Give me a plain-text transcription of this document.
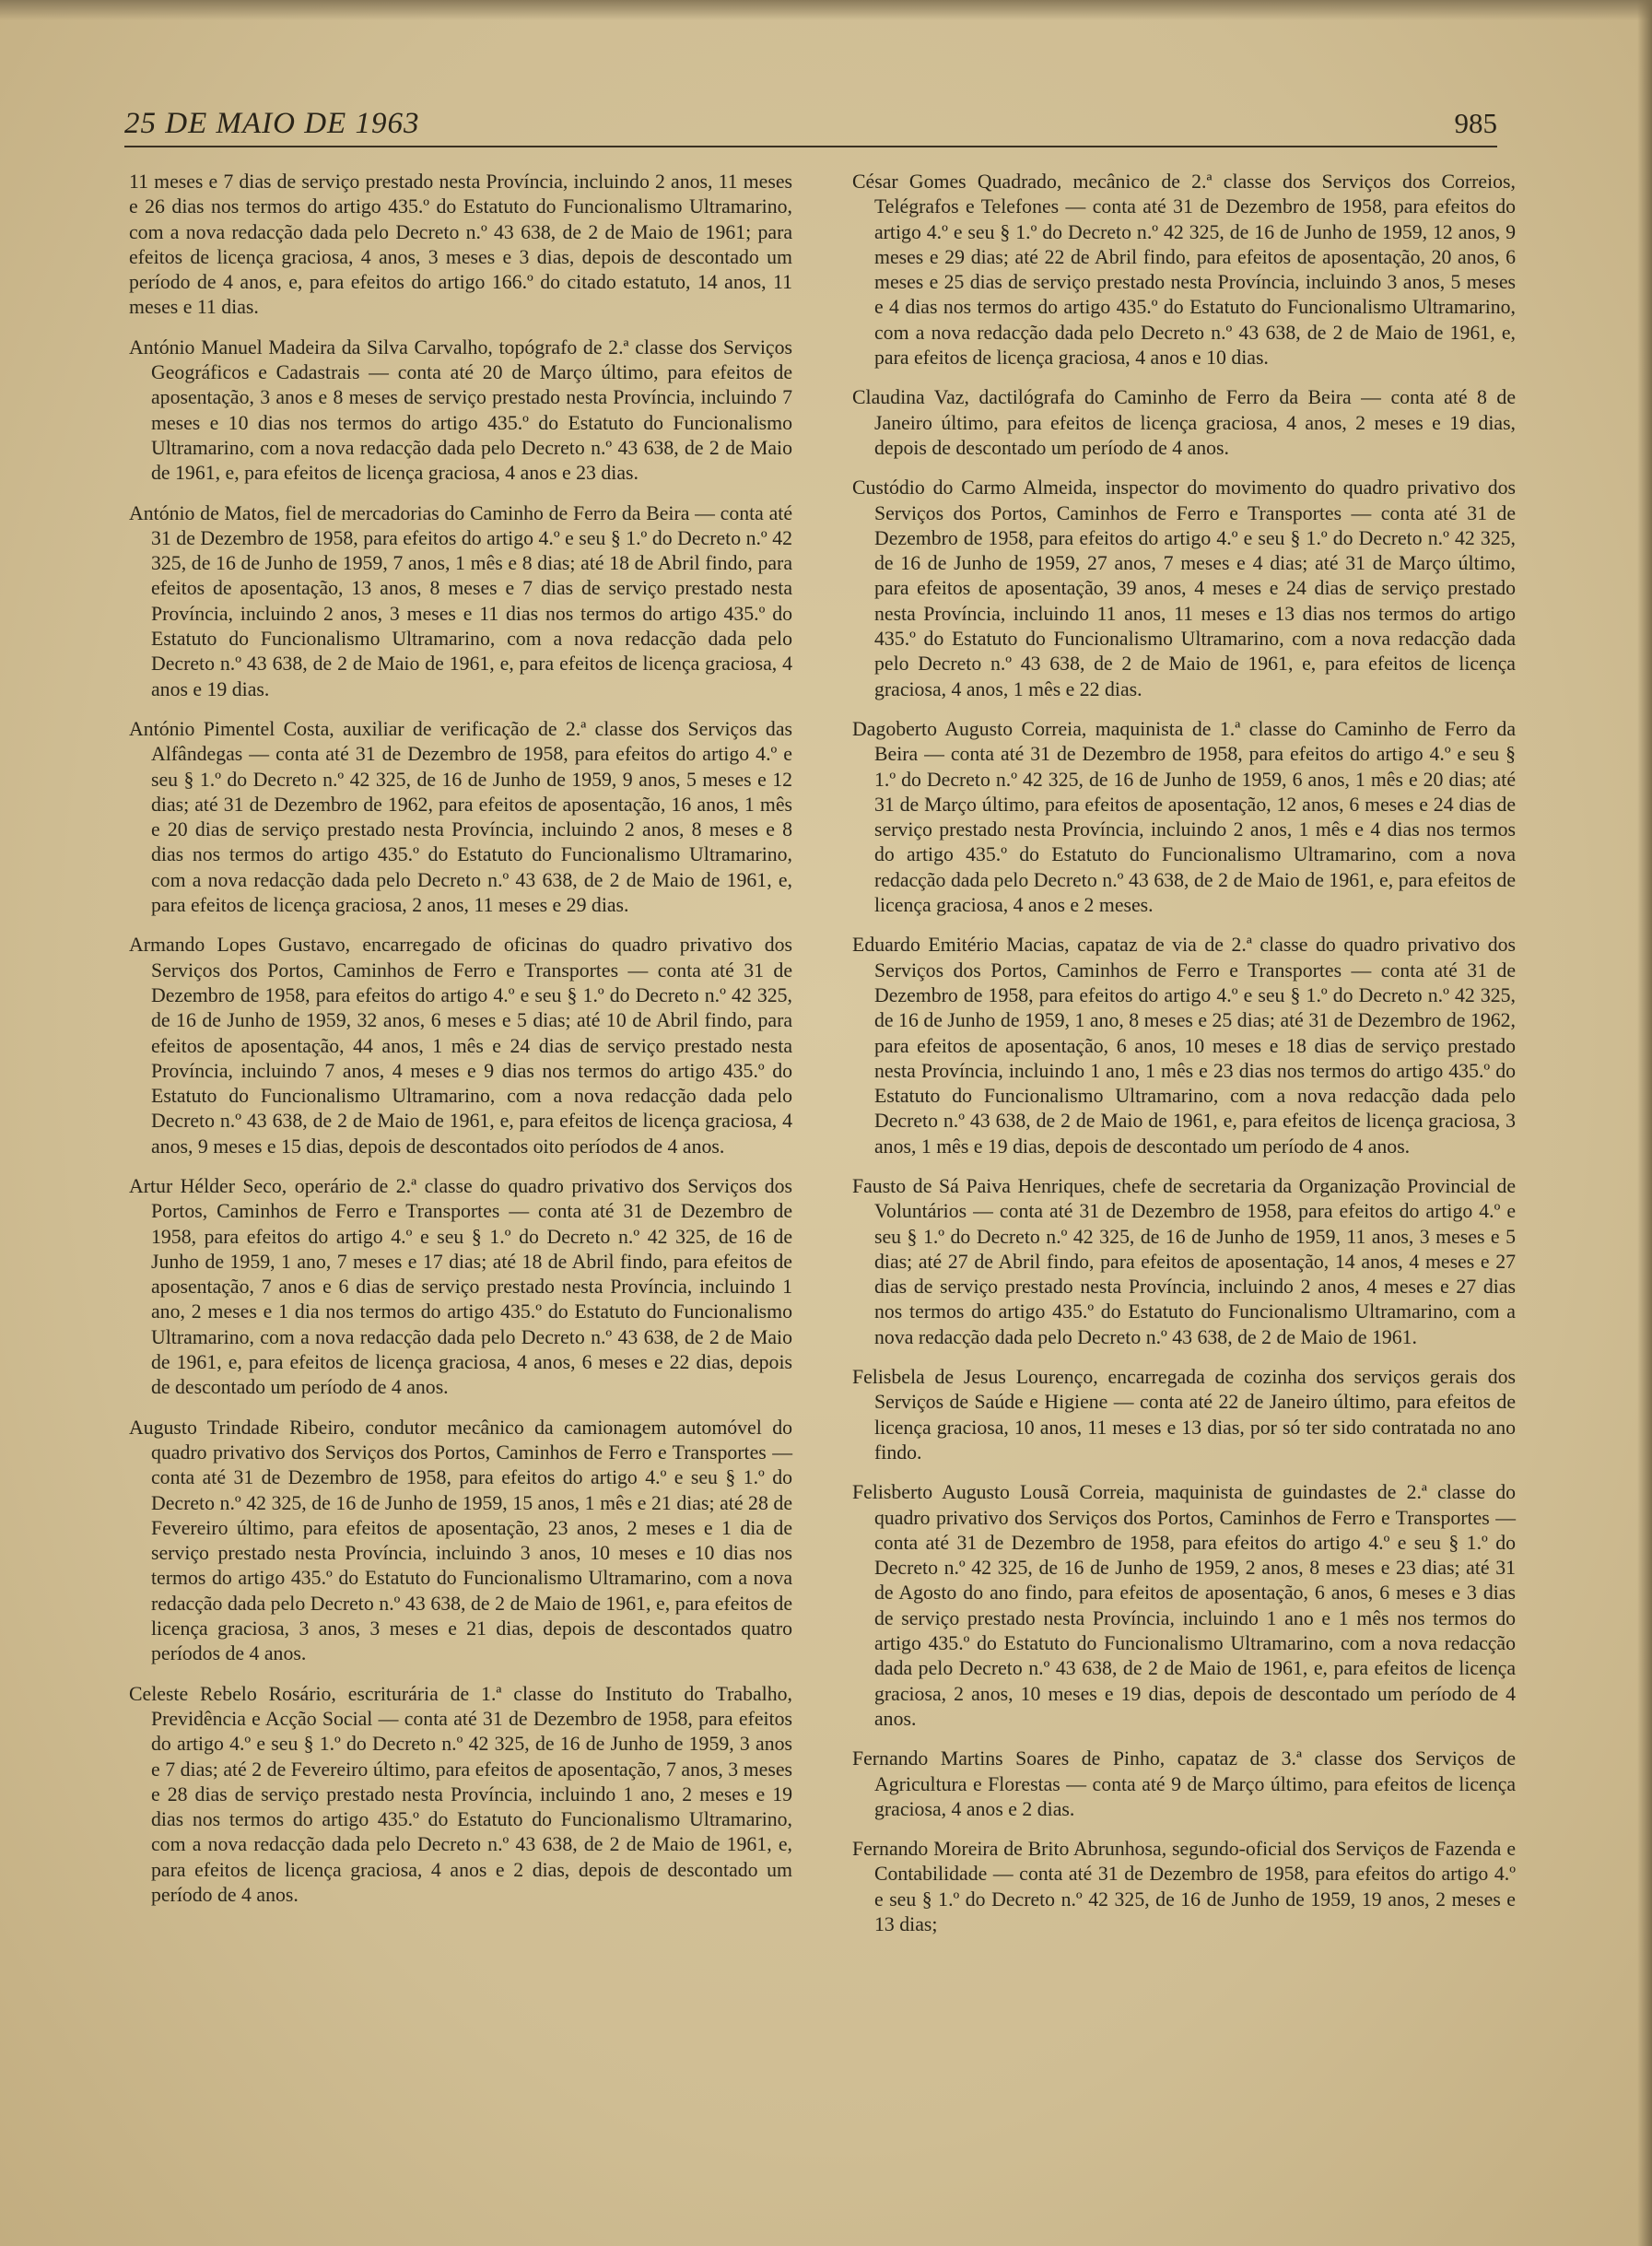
25 DE MAIO DE 1963	985

11 meses e 7 dias de serviço prestado nesta Província, incluindo 2 anos, 11 meses e 26 dias nos termos do artigo 435.º do Estatuto do Funcionalismo Ultramarino, com a nova redacção dada pelo Decreto n.º 43 638, de 2 de Maio de 1961; para efeitos de licença graciosa, 4 anos, 3 meses e 3 dias, depois de descontado um período de 4 anos, e, para efeitos do artigo 166.º do citado estatuto, 14 anos, 11 meses e 11 dias.

António Manuel Madeira da Silva Carvalho, topógrafo de 2.ª classe dos Serviços Geográficos e Cadastrais — conta até 20 de Março último, para efeitos de aposentação, 3 anos e 8 meses de serviço prestado nesta Província, incluindo 7 meses e 10 dias nos termos do artigo 435.º do Estatuto do Funcionalismo Ultramarino, com a nova redacção dada pelo Decreto n.º 43 638, de 2 de Maio de 1961, e, para efeitos de licença graciosa, 4 anos e 23 dias.

António de Matos, fiel de mercadorias do Caminho de Ferro da Beira — conta até 31 de Dezembro de 1958, para efeitos do artigo 4.º e seu § 1.º do Decreto n.º 42 325, de 16 de Junho de 1959, 7 anos, 1 mês e 8 dias; até 18 de Abril findo, para efeitos de aposentação, 13 anos, 8 meses e 7 dias de serviço prestado nesta Província, incluindo 2 anos, 3 meses e 11 dias nos termos do artigo 435.º do Estatuto do Funcionalismo Ultramarino, com a nova redacção dada pelo Decreto n.º 43 638, de 2 de Maio de 1961, e, para efeitos de licença graciosa, 4 anos e 19 dias.

António Pimentel Costa, auxiliar de verificação de 2.ª classe dos Serviços das Alfândegas — conta até 31 de Dezembro de 1958, para efeitos do artigo 4.º e seu § 1.º do Decreto n.º 42 325, de 16 de Junho de 1959, 9 anos, 5 meses e 12 dias; até 31 de Dezembro de 1962, para efeitos de aposentação, 16 anos, 1 mês e 20 dias de serviço prestado nesta Província, incluindo 2 anos, 8 meses e 8 dias nos termos do artigo 435.º do Estatuto do Funcionalismo Ultramarino, com a nova redacção dada pelo Decreto n.º 43 638, de 2 de Maio de 1961, e, para efeitos de licença graciosa, 2 anos, 11 meses e 29 dias.

Armando Lopes Gustavo, encarregado de oficinas do quadro privativo dos Serviços dos Portos, Caminhos de Ferro e Transportes — conta até 31 de Dezembro de 1958, para efeitos do artigo 4.º e seu § 1.º do Decreto n.º 42 325, de 16 de Junho de 1959, 32 anos, 6 meses e 5 dias; até 10 de Abril findo, para efeitos de aposentação, 44 anos, 1 mês e 24 dias de serviço prestado nesta Província, incluindo 7 anos, 4 meses e 9 dias nos termos do artigo 435.º do Estatuto do Funcionalismo Ultramarino, com a nova redacção dada pelo Decreto n.º 43 638, de 2 de Maio de 1961, e, para efeitos de licença graciosa, 4 anos, 9 meses e 15 dias, depois de descontados oito períodos de 4 anos.

Artur Hélder Seco, operário de 2.ª classe do quadro privativo dos Serviços dos Portos, Caminhos de Ferro e Transportes — conta até 31 de Dezembro de 1958, para efeitos do artigo 4.º e seu § 1.º do Decreto n.º 42 325, de 16 de Junho de 1959, 1 ano, 7 meses e 17 dias; até 18 de Abril findo, para efeitos de aposentação, 7 anos e 6 dias de serviço prestado nesta Província, incluindo 1 ano, 2 meses e 1 dia nos termos do artigo 435.º do Estatuto do Funcionalismo Ultramarino, com a nova redacção dada pelo Decreto n.º 43 638, de 2 de Maio de 1961, e, para efeitos de licença graciosa, 4 anos, 6 meses e 22 dias, depois de descontado um período de 4 anos.

Augusto Trindade Ribeiro, condutor mecânico da camionagem automóvel do quadro privativo dos Serviços dos Portos, Caminhos de Ferro e Transportes — conta até 31 de Dezembro de 1958, para efeitos do artigo 4.º e seu § 1.º do Decreto n.º 42 325, de 16 de Junho de 1959, 15 anos, 1 mês e 21 dias; até 28 de Fevereiro último, para efeitos de aposentação, 23 anos, 2 meses e 1 dia de serviço prestado nesta Província, incluindo 3 anos, 10 meses e 10 dias nos termos do artigo 435.º do Estatuto do Funcionalismo Ultramarino, com a nova redacção dada pelo Decreto n.º 43 638, de 2 de Maio de 1961, e, para efeitos de licença graciosa, 3 anos, 3 meses e 21 dias, depois de descontados quatro períodos de 4 anos.

Celeste Rebelo Rosário, escriturária de 1.ª classe do Instituto do Trabalho, Previdência e Acção Social — conta até 31 de Dezembro de 1958, para efeitos do artigo 4.º e seu § 1.º do Decreto n.º 42 325, de 16 de Junho de 1959, 3 anos e 7 dias; até 2 de Fevereiro último, para efeitos de aposentação, 7 anos, 3 meses e 28 dias de serviço prestado nesta Província, incluindo 1 ano, 2 meses e 19 dias nos termos do artigo 435.º do Estatuto do Funcionalismo Ultramarino, com a nova redacção dada pelo Decreto n.º 43 638, de 2 de Maio de 1961, e, para efeitos de licença graciosa, 4 anos e 2 dias, depois de descontado um período de 4 anos.

César Gomes Quadrado, mecânico de 2.ª classe dos Serviços dos Correios, Telégrafos e Telefones — conta até 31 de Dezembro de 1958, para efeitos do artigo 4.º e seu § 1.º do Decreto n.º 42 325, de 16 de Junho de 1959, 12 anos, 9 meses e 29 dias; até 22 de Abril findo, para efeitos de aposentação, 20 anos, 6 meses e 25 dias de serviço prestado nesta Província, incluindo 3 anos, 5 meses e 4 dias nos termos do artigo 435.º do Estatuto do Funcionalismo Ultramarino, com a nova redacção dada pelo Decreto n.º 43 638, de 2 de Maio de 1961, e, para efeitos de licença graciosa, 4 anos e 10 dias.

Claudina Vaz, dactilógrafa do Caminho de Ferro da Beira — conta até 8 de Janeiro último, para efeitos de licença graciosa, 4 anos, 2 meses e 19 dias, depois de descontado um período de 4 anos.

Custódio do Carmo Almeida, inspector do movimento do quadro privativo dos Serviços dos Portos, Caminhos de Ferro e Transportes — conta até 31 de Dezembro de 1958, para efeitos do artigo 4.º e seu § 1.º do Decreto n.º 42 325, de 16 de Junho de 1959, 27 anos, 7 meses e 4 dias; até 31 de Março último, para efeitos de aposentação, 39 anos, 4 meses e 24 dias de serviço prestado nesta Província, incluindo 11 anos, 11 meses e 13 dias nos termos do artigo 435.º do Estatuto do Funcionalismo Ultramarino, com a nova redacção dada pelo Decreto n.º 43 638, de 2 de Maio de 1961, e, para efeitos de licença graciosa, 4 anos, 1 mês e 22 dias.

Dagoberto Augusto Correia, maquinista de 1.ª classe do Caminho de Ferro da Beira — conta até 31 de Dezembro de 1958, para efeitos do artigo 4.º e seu § 1.º do Decreto n.º 42 325, de 16 de Junho de 1959, 6 anos, 1 mês e 20 dias; até 31 de Março último, para efeitos de aposentação, 12 anos, 6 meses e 24 dias de serviço prestado nesta Província, incluindo 2 anos, 1 mês e 4 dias nos termos do artigo 435.º do Estatuto do Funcionalismo Ultramarino, com a nova redacção dada pelo Decreto n.º 43 638, de 2 de Maio de 1961, e, para efeitos de licença graciosa, 4 anos e 2 meses.

Eduardo Emitério Macias, capataz de via de 2.ª classe do quadro privativo dos Serviços dos Portos, Caminhos de Ferro e Transportes — conta até 31 de Dezembro de 1958, para efeitos do artigo 4.º e seu § 1.º do Decreto n.º 42 325, de 16 de Junho de 1959, 1 ano, 8 meses e 25 dias; até 31 de Dezembro de 1962, para efeitos de aposentação, 6 anos, 10 meses e 18 dias de serviço prestado nesta Província, incluindo 1 ano, 1 mês e 23 dias nos termos do artigo 435.º do Estatuto do Funcionalismo Ultramarino, com a nova redacção dada pelo Decreto n.º 43 638, de 2 de Maio de 1961, e, para efeitos de licença graciosa, 3 anos, 1 mês e 19 dias, depois de descontado um período de 4 anos.

Fausto de Sá Paiva Henriques, chefe de secretaria da Organização Provincial de Voluntários — conta até 31 de Dezembro de 1958, para efeitos do artigo 4.º e seu § 1.º do Decreto n.º 42 325, de 16 de Junho de 1959, 11 anos, 3 meses e 5 dias; até 27 de Abril findo, para efeitos de aposentação, 14 anos, 4 meses e 27 dias de serviço prestado nesta Província, incluindo 2 anos, 4 meses e 27 dias nos termos do artigo 435.º do Estatuto do Funcionalismo Ultramarino, com a nova redacção dada pelo Decreto n.º 43 638, de 2 de Maio de 1961.

Felisbela de Jesus Lourenço, encarregada de cozinha dos serviços gerais dos Serviços de Saúde e Higiene — conta até 22 de Janeiro último, para efeitos de licença graciosa, 10 anos, 11 meses e 13 dias, por só ter sido contratada no ano findo.

Felisberto Augusto Lousã Correia, maquinista de guindastes de 2.ª classe do quadro privativo dos Serviços dos Portos, Caminhos de Ferro e Transportes — conta até 31 de Dezembro de 1958, para efeitos do artigo 4.º e seu § 1.º do Decreto n.º 42 325, de 16 de Junho de 1959, 2 anos, 8 meses e 23 dias; até 31 de Agosto do ano findo, para efeitos de aposentação, 6 anos, 6 meses e 3 dias de serviço prestado nesta Província, incluindo 1 ano e 1 mês nos termos do artigo 435.º do Estatuto do Funcionalismo Ultramarino, com a nova redacção dada pelo Decreto n.º 43 638, de 2 de Maio de 1961, e, para efeitos de licença graciosa, 2 anos, 10 meses e 19 dias, depois de descontado um período de 4 anos.

Fernando Martins Soares de Pinho, capataz de 3.ª classe dos Serviços de Agricultura e Florestas — conta até 9 de Março último, para efeitos de licença graciosa, 4 anos e 2 dias.

Fernando Moreira de Brito Abrunhosa, segundo-oficial dos Serviços de Fazenda e Contabilidade — conta até 31 de Dezembro de 1958, para efeitos do artigo 4.º e seu § 1.º do Decreto n.º 42 325, de 16 de Junho de 1959, 19 anos, 2 meses e 13 dias;
